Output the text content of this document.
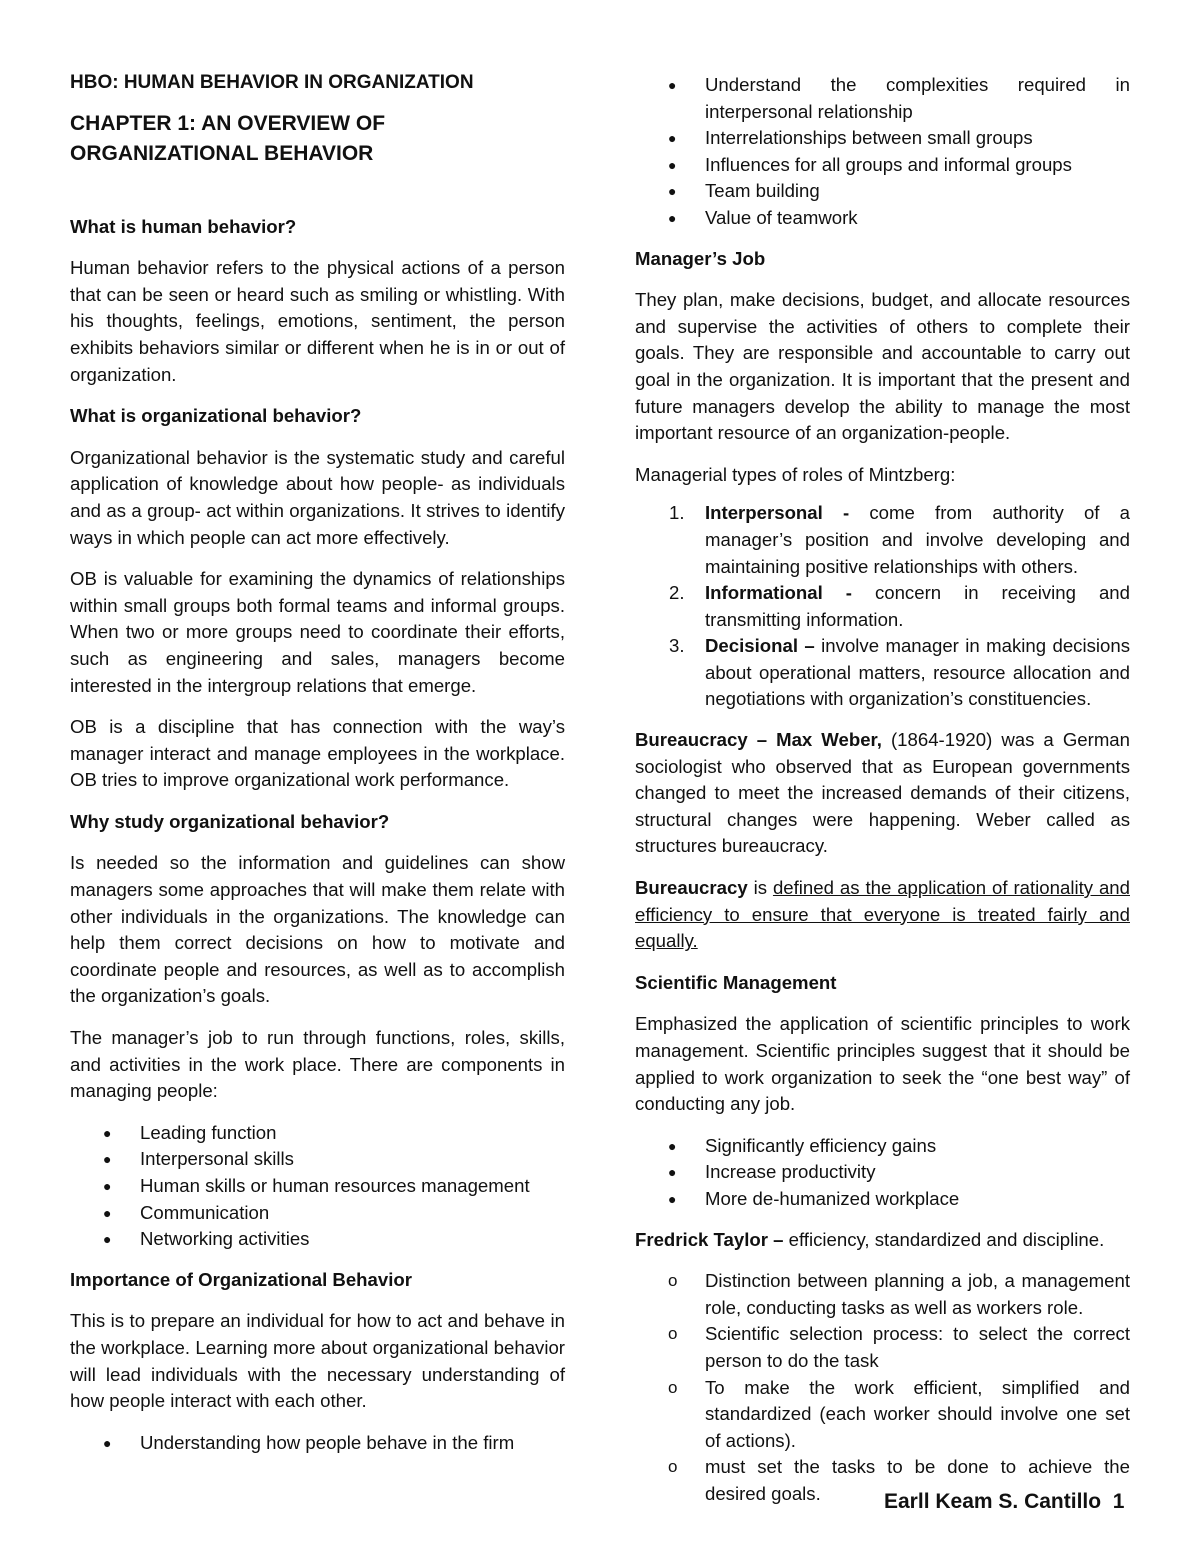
HBO: HUMAN BEHAVIOR IN ORGANIZATION
CHAPTER 1: AN OVERVIEW OF ORGANIZATIONAL BEHAVIOR
What is human behavior?

Human behavior refers to the physical actions of a person that can be seen or heard such as smiling or whistling. With his thoughts, feelings, emotions, sentiment, the person exhibits behaviors similar or different when he is in or out of organization.

What is organizational behavior?

Organizational behavior is the systematic study and careful application of knowledge about how people- as individuals and as a group- act within organizations. It strives to identify ways in which people can act more effectively.

OB is valuable for examining the dynamics of relationships within small groups both formal teams and informal groups. When two or more groups need to coordinate their efforts, such as engineering and sales, managers become interested in the intergroup relations that emerge.

OB is a discipline that has connection with the way’s manager interact and manage employees in the workplace. OB tries to improve organizational work performance.

Why study organizational behavior?

Is needed so the information and guidelines can show managers some approaches that will make them relate with other individuals in the organizations. The knowledge can help them correct decisions on how to motivate and coordinate people and resources, as well as to accomplish the organization’s goals.

The manager’s job to run through functions, roles, skills, and activities in the work place. There are components in managing people:

●	Leading function
●	Interpersonal skills
●	Human skills or human resources management
●	Communication
●	Networking activities
Importance of Organizational Behavior

This is to prepare an individual for how to act and behave in the workplace. Learning more about organizational behavior will lead individuals with the necessary understanding of how people interact with each other.

●	Understanding how people behave in the firm
●	Understand the complexities required in interpersonal relationship
●	Interrelationships between small groups
●	Influences for all groups and informal groups
●	Team building
●	Value of teamwork
Manager’s Job

They plan, make decisions, budget, and allocate resources and supervise the activities of others to complete their goals. They are responsible and accountable to carry out goal in the organization. It is important that the present and future managers develop the ability to manage the most important resource of an organization-people.

Managerial types of roles of Mintzberg:

1.	Interpersonal - come from authority of a manager’s position and involve developing and maintaining positive relationships with others.
2.	Informational - concern in receiving and transmitting information.
3.	Decisional – involve manager in making decisions about operational matters, resource allocation and negotiations with organization’s constituencies.

Bureaucracy – Max Weber, (1864-1920) was a German sociologist who observed that as European governments changed to meet the increased demands of their citizens, structural changes were happening. Weber called as structures bureaucracy.

Bureaucracy is defined as the application of rationality and efficiency to ensure that everyone is treated fairly and equally.

Scientific Management

Emphasized the application of scientific principles to work management. Scientific principles suggest that it should be applied to work organization to seek the “one best way” of conducting any job.

●	Significantly efficiency gains
●	Increase productivity
●	More de-humanized workplace

Fredrick Taylor – efficiency, standardized and discipline.

o	Distinction between planning a job, a management role, conducting tasks as well as workers role.
o	Scientific selection process: to select the correct person to do the task
o	To make the work efficient, simplified and standardized (each worker should involve one set of actions).
o	must set the tasks to be done to achieve the desired goals.	Earll Keam S. Cantillo 1
